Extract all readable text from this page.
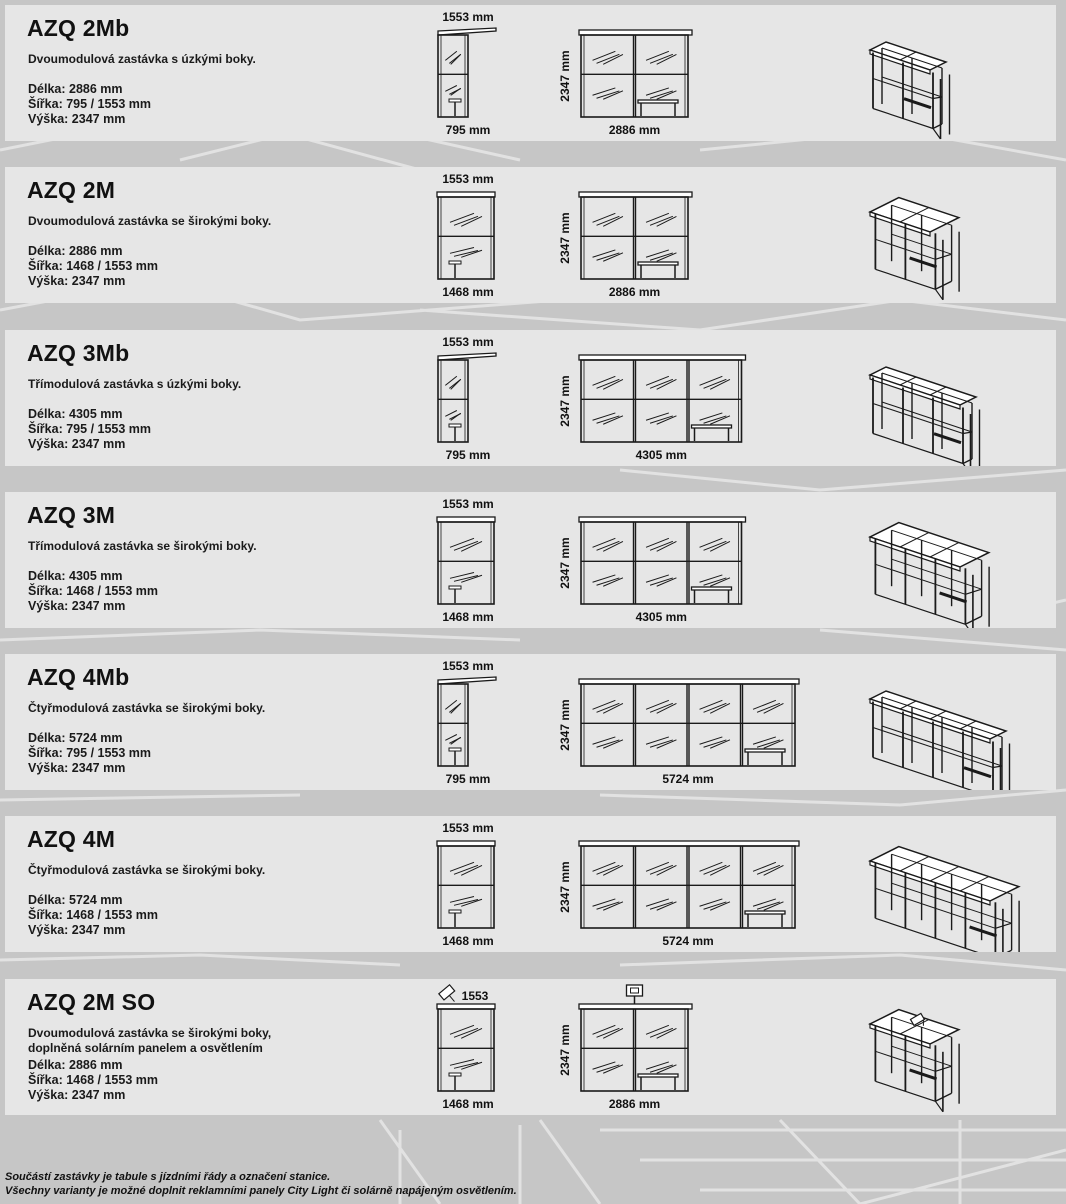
AZQ 2Mb
Dvoumodulová zastávka s úzkými boky.
Délka: 2886 mm
Šířka: 795 / 1553 mm
Výška: 2347 mm
1553 mm
795 mm
2347 mm
2886 mm
AZQ 2M
Dvoumodulová zastávka se širokými boky.
Délka: 2886 mm
Šířka: 1468 / 1553 mm
Výška: 2347 mm
1553 mm
1468 mm
2347 mm
2886 mm
AZQ 3Mb
Třímodulová zastávka s úzkými boky.
Délka: 4305 mm
Šířka: 795 / 1553 mm
Výška: 2347 mm
1553 mm
795 mm
2347 mm
4305 mm
AZQ 3M
Třímodulová zastávka se širokými boky.
Délka: 4305 mm
Šířka: 1468 / 1553 mm
Výška: 2347 mm
1553 mm
1468 mm
2347 mm
4305 mm
AZQ 4Mb
Čtyřmodulová zastávka se širokými boky.
Délka: 5724 mm
Šířka: 795 / 1553 mm
Výška: 2347 mm
1553 mm
795 mm
2347 mm
5724 mm
AZQ 4M
Čtyřmodulová zastávka se širokými boky.
Délka: 5724 mm
Šířka: 1468 / 1553 mm
Výška: 2347 mm
1553 mm
1468 mm
2347 mm
5724 mm
AZQ 2M SO
Dvoumodulová zastávka se širokými boky,
doplněná solárním panelem a osvětlením
Délka: 2886 mm
Šířka: 1468 / 1553 mm
Výška: 2347 mm
1553
1468 mm
2347 mm
2886 mm
Součástí zastávky je tabule s jízdními řády a označení stanice.
Všechny varianty je možné doplnit reklamními panely City Light či solárně napájeným osvětlením.
